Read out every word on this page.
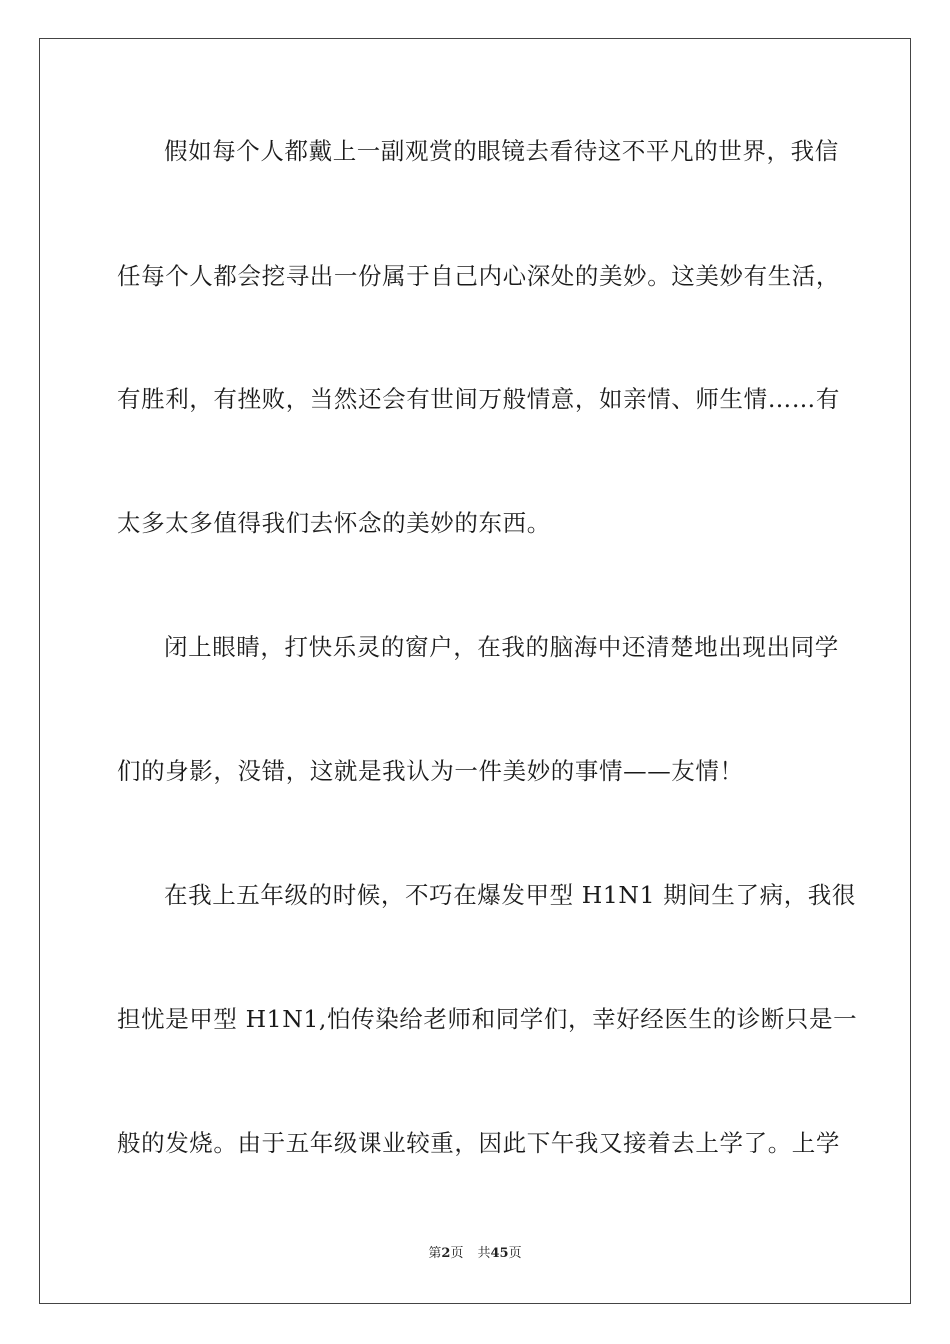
假如每个人都戴上一副观赏的眼镜去看待这不平凡的世界，我信
任每个人都会挖寻出一份属于自己内心深处的美妙。这美妙有生活，
有胜利，有挫败，当然还会有世间万般情意，如亲情、师生情……有
太多太多值得我们去怀念的美妙的东西。
闭上眼睛，打快乐灵的窗户，在我的脑海中还清楚地出现出同学
们的身影，没错，这就是我认为一件美妙的事情——友情！
在我上五年级的时候，不巧在爆发甲型 H1N1 期间生了病，我很
担忧是甲型 H1N1,怕传染给老师和同学们，幸好经医生的诊断只是一
般的发烧。由于五年级课业较重，因此下午我又接着去上学了。上学
第2页 共45页
